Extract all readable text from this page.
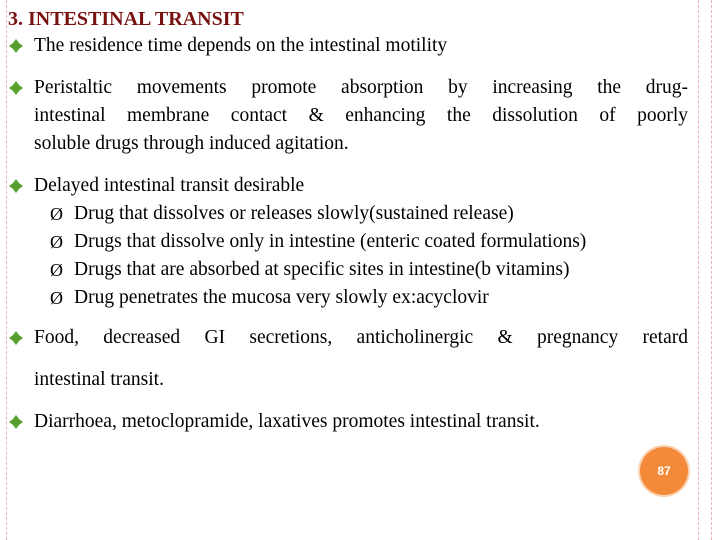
3. INTESTINAL TRANSIT
The residence time depends on the intestinal motility
Peristaltic movements promote absorption by increasing the drug-
intestinal membrane contact & enhancing the dissolution of poorly
soluble drugs through induced agitation.
Delayed intestinal transit desirable
Ø Drug that dissolves or releases slowly(sustained release)
Ø Drugs that dissolve only in intestine (enteric coated formulations)
Ø Drugs that are absorbed at specific sites in intestine(b vitamins)
Ø Drug penetrates the mucosa very slowly ex:acyclovir
Food, decreased GI secretions, anticholinergic & pregnancy retard
intestinal transit.
Diarrhoea, metoclopramide, laxatives promotes intestinal transit.
87
